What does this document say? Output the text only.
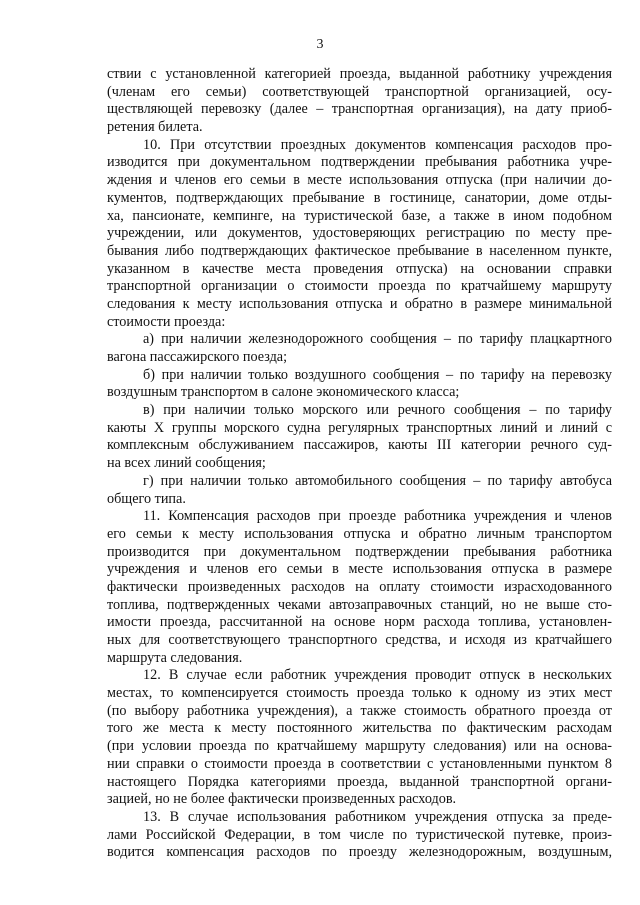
3
ствии с установленной категорией проезда, выданной работнику учреждения
(членам его семьи) соответствующей транспортной организацией, осу-
ществляющей перевозку (далее – транспортная организация), на дату приоб-
ретения билета.
10. При отсутствии проездных документов компенсация расходов про-
изводится при документальном подтверждении пребывания работника учре-
ждения и членов его семьи в месте использования отпуска (при наличии до-
кументов, подтверждающих пребывание в гостинице, санатории, доме отды-
ха, пансионате, кемпинге, на туристической базе, а также в ином подобном
учреждении, или документов, удостоверяющих регистрацию по месту пре-
бывания либо подтверждающих фактическое пребывание в населенном пункте,
указанном в качестве места проведения отпуска) на основании справки
транспортной организации о стоимости проезда по кратчайшему маршруту
следования к месту использования отпуска и обратно в размере минимальной
стоимости проезда:
а) при наличии железнодорожного сообщения – по тарифу плацкартного
вагона пассажирского поезда;
б) при наличии только воздушного сообщения – по тарифу на перевозку
воздушным транспортом в салоне экономического класса;
в) при наличии только морского или речного сообщения – по тарифу
каюты X группы морского судна регулярных транспортных линий и линий с
комплексным обслуживанием пассажиров, каюты III категории речного суд-
на всех линий сообщения;
г) при наличии только автомобильного сообщения – по тарифу автобуса
общего типа.
11. Компенсация расходов при проезде работника учреждения и членов
его семьи к месту использования отпуска и обратно личным транспортом
производится при документальном подтверждении пребывания работника
учреждения и членов его семьи в месте использования отпуска в размере
фактически произведенных расходов на оплату стоимости израсходованного
топлива, подтвержденных чеками автозаправочных станций, но не выше сто-
имости проезда, рассчитанной на основе норм расхода топлива, установлен-
ных для соответствующего транспортного средства, и исходя из кратчайшего
маршрута следования.
12. В случае если работник учреждения проводит отпуск в нескольких
местах, то компенсируется стоимость проезда только к одному из этих мест
(по выбору работника учреждения), а также стоимость обратного проезда от
того же места к месту постоянного жительства по фактическим расходам
(при условии проезда по кратчайшему маршруту следования) или на основа-
нии справки о стоимости проезда в соответствии с установленными пунктом 8
настоящего Порядка категориями проезда, выданной транспортной органи-
зацией, но не более фактически произведенных расходов.
13. В случае использования работником учреждения отпуска за преде-
лами Российской Федерации, в том числе по туристической путевке, произ-
водится компенсация расходов по проезду железнодорожным, воздушным,
